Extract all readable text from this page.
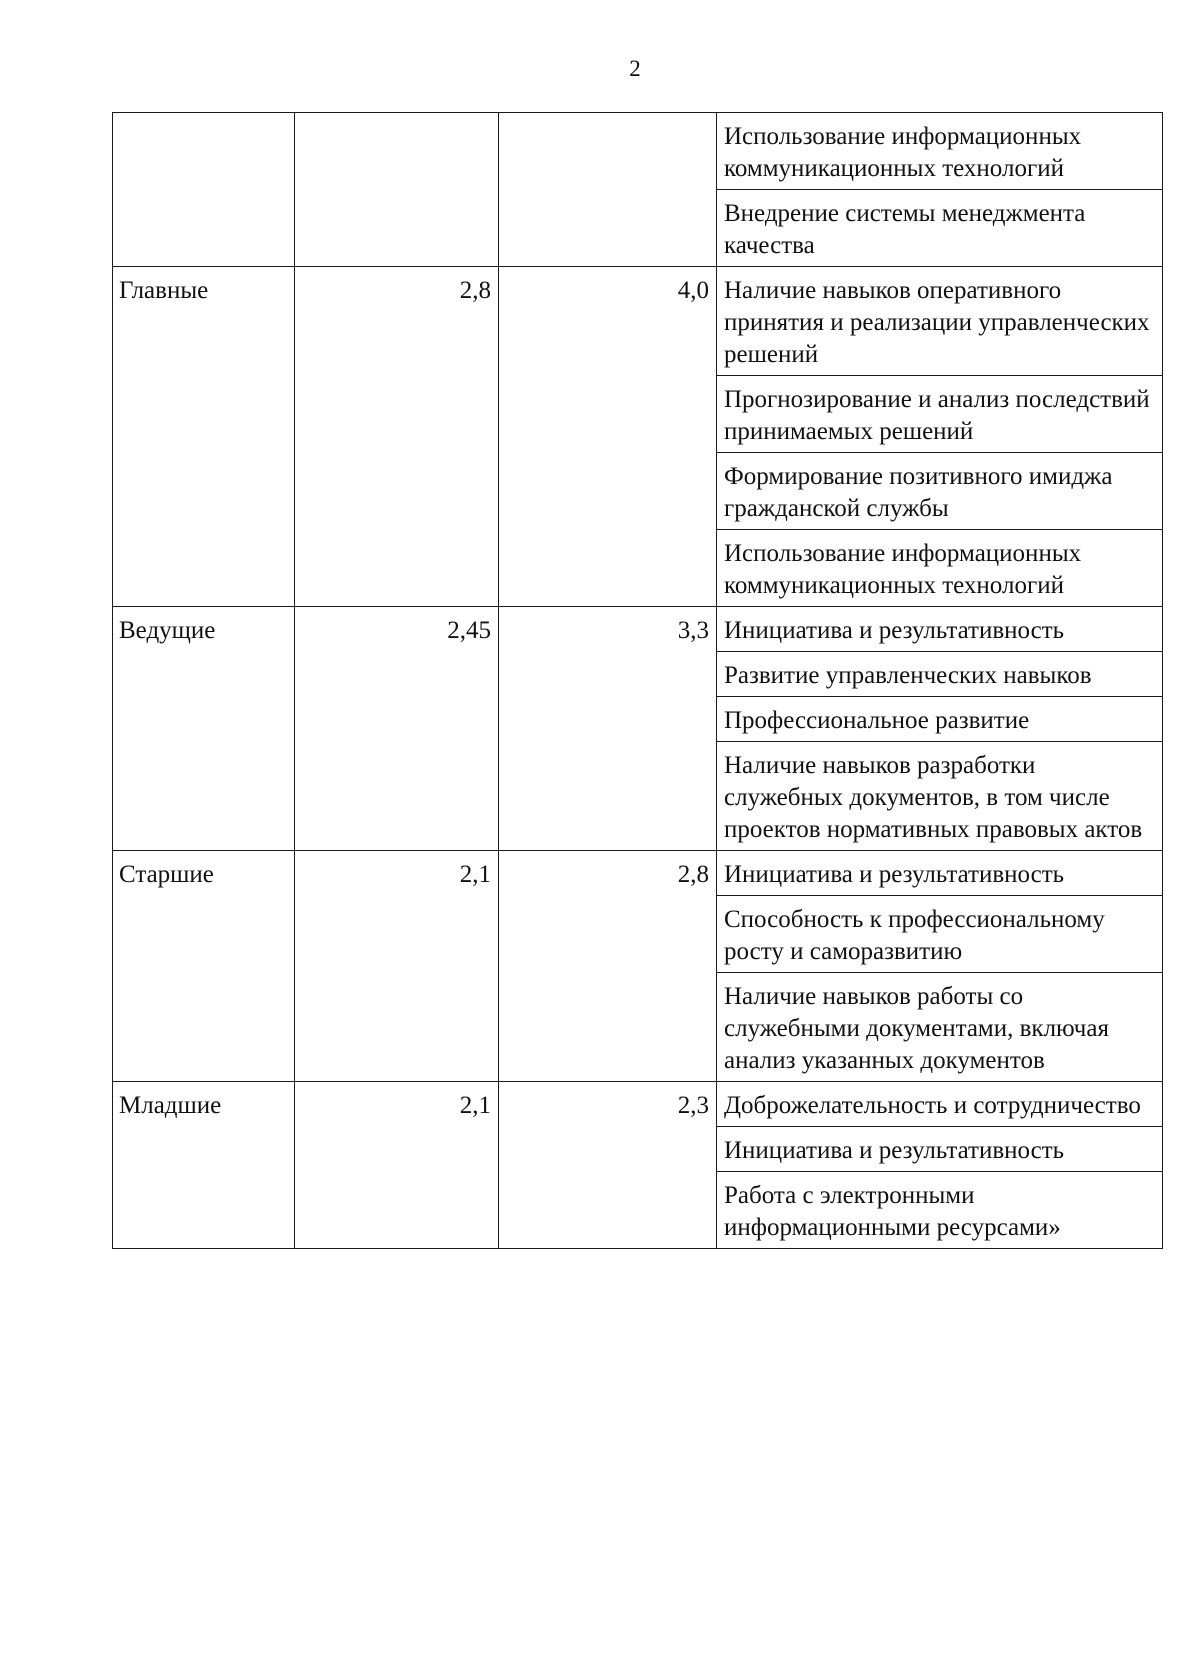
2
			Использование информационных коммуникационных технологий
			Внедрение системы менеджмента качества
Главные	2,8	4,0	Наличие навыков оперативного принятия и реализации управленческих решений
			Прогнозирование и анализ последствий принимаемых решений
			Формирование позитивного имиджа гражданской службы
			Использование информационных коммуникационных технологий
Ведущие	2,45	3,3	Инициатива и результативность
			Развитие управленческих навыков
			Профессиональное развитие
			Наличие навыков разработки служебных документов, в том числе проектов нормативных правовых актов
Старшие	2,1	2,8	Инициатива и результативность
			Способность к профессиональному росту и саморазвитию
			Наличие навыков работы со служебными документами, включая анализ указанных документов
Младшие	2,1	2,3	Доброжелательность и сотрудничество
			Инициатива и результативность
			Работа с электронными информационными ресурсами»
